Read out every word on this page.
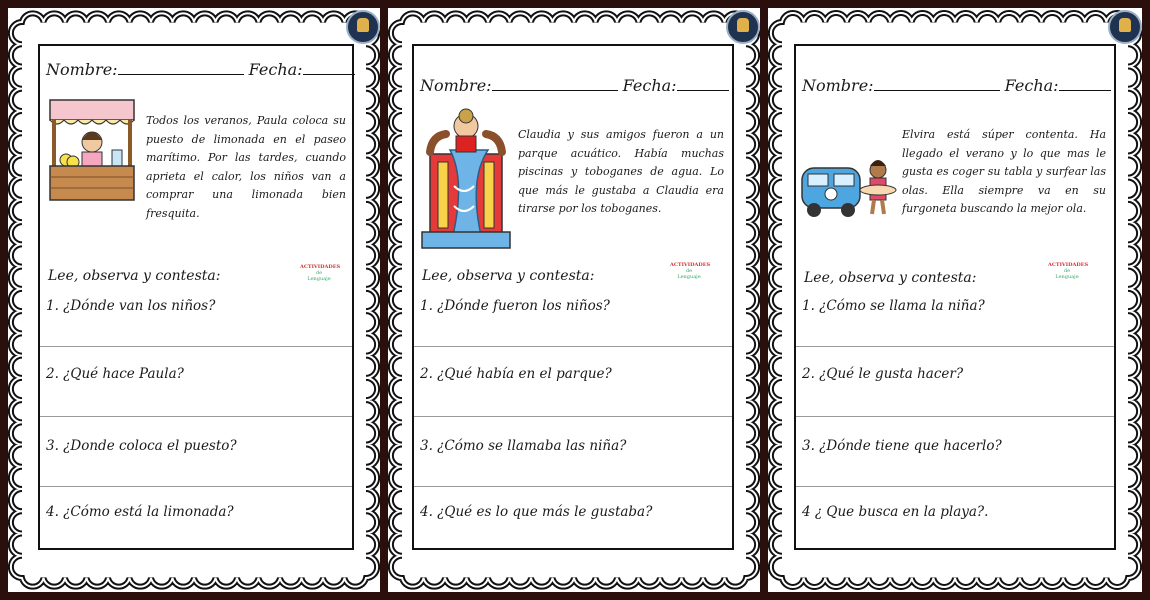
Nombre:	Fecha:
Todos los veranos, Paula coloca su puesto de limonada en el paseo marítimo. Por las tardes, cuando aprieta el calor, los niños van a comprar una limonada bien fresquita.
Lee, observa y contesta:
ACTIVIDADES
de
Lenguaje
1. ¿Dónde van los niños?
2. ¿Qué hace Paula?
3. ¿Donde coloca el puesto?
4. ¿Cómo está la limonada?
Nombre:	Fecha:
Claudia y sus amigos fueron a un parque acuático. Había muchas piscinas y toboganes de agua. Lo que más le gustaba a Claudia era tirarse por los toboganes.
Lee, observa y contesta:
ACTIVIDADES
de
Lenguaje
1. ¿Dónde fueron los niños?
2. ¿Qué había en el parque?
3. ¿Cómo se llamaba las niña?
4. ¿Qué es lo que más le gustaba?
Nombre:	Fecha:
Elvira está súper contenta. Ha llegado el verano y lo que mas le gusta es coger su tabla y surfear las olas. Ella siempre va en su furgoneta buscando la mejor ola.
Lee, observa y contesta:
ACTIVIDADES
de
Lenguaje
1. ¿Cómo se llama la niña?
2. ¿Qué le gusta hacer?
3. ¿Dónde tiene que hacerlo?
4 ¿ Que busca en la playa?.
